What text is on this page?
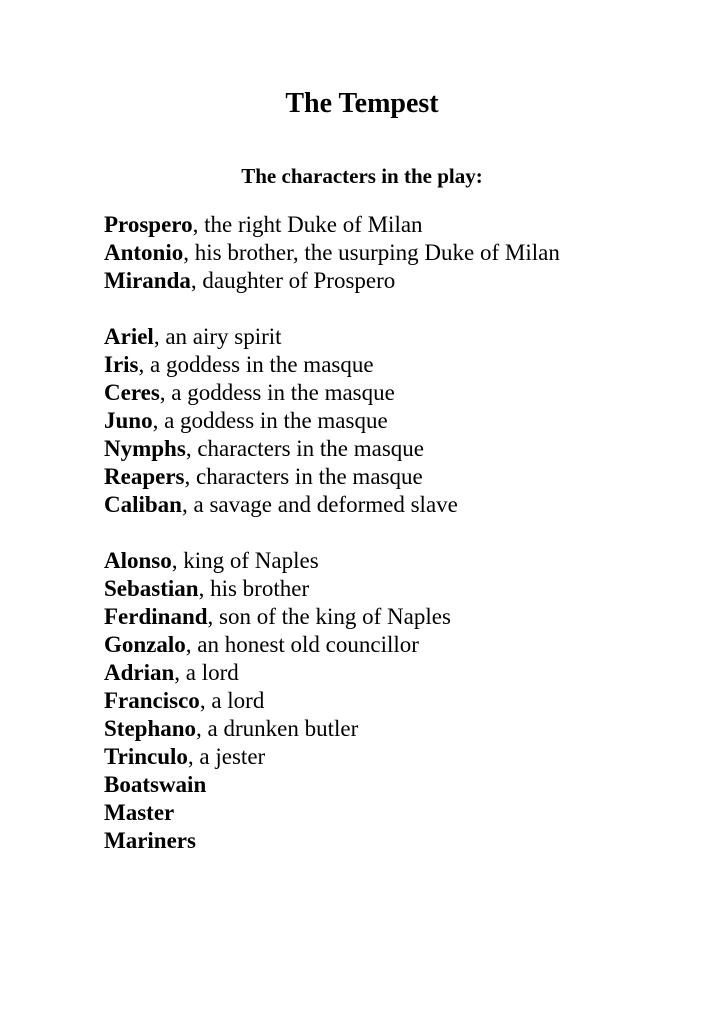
The Tempest
The characters in the play:
Prospero, the right Duke of Milan
Antonio, his brother, the usurping Duke of Milan
Miranda, daughter of Prospero
Ariel, an airy spirit
Iris, a goddess in the masque
Ceres, a goddess in the masque
Juno, a goddess in the masque
Nymphs, characters in the masque
Reapers, characters in the masque
Caliban, a savage and deformed slave
Alonso, king of Naples
Sebastian, his brother
Ferdinand, son of the king of Naples
Gonzalo, an honest old councillor
Adrian, a lord
Francisco, a lord
Stephano, a drunken butler
Trinculo, a jester
Boatswain
Master
Mariners
